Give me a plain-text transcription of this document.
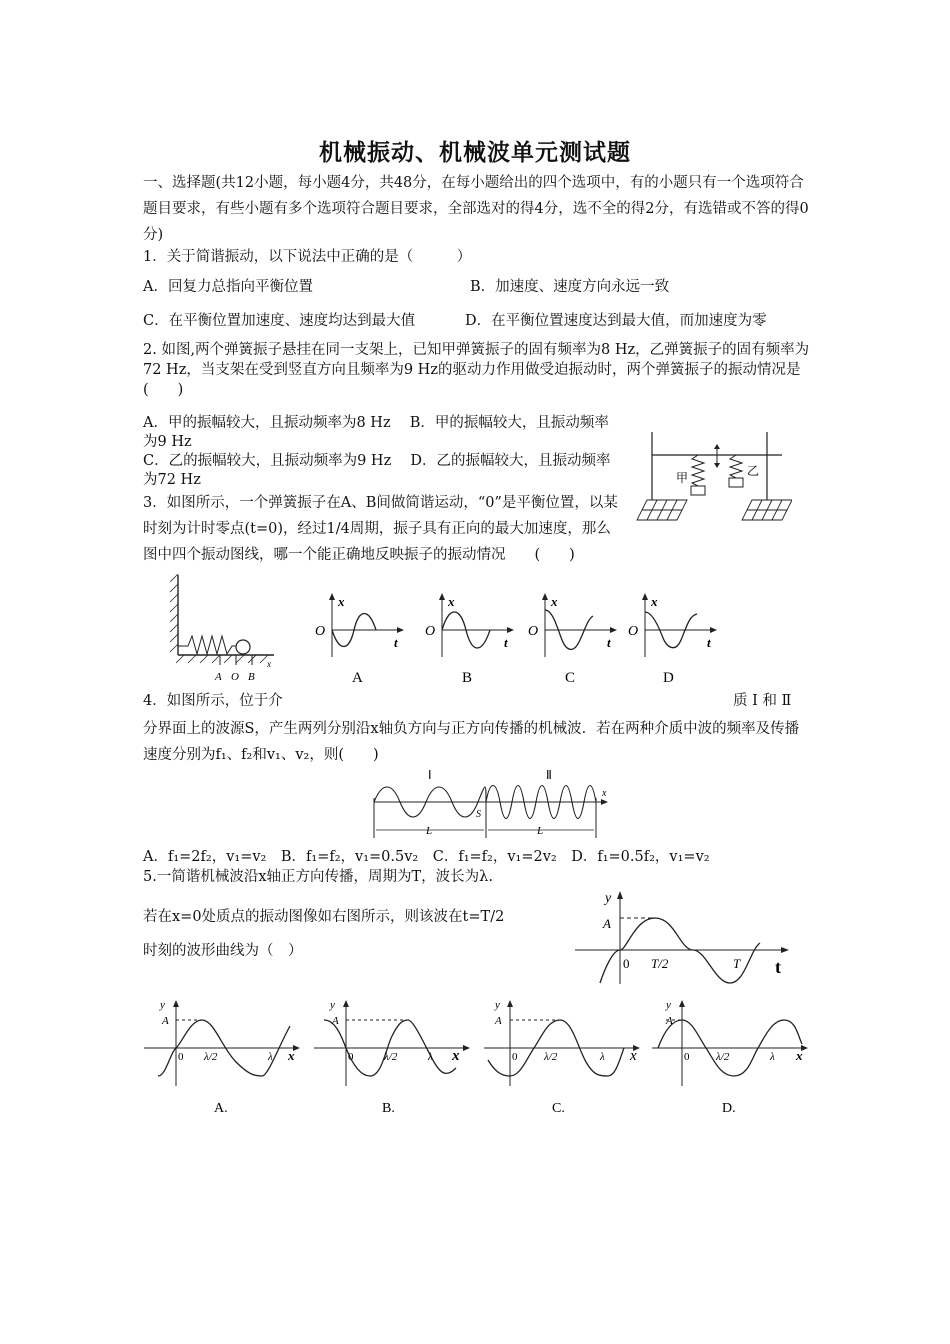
机械振动、机械波单元测试题
一、选择题(共12小题，每小题4分，共48分，在每小题给出的四个选项中，有的小题只有一个选项符合题目要求，有些小题有多个选项符合题目要求，全部选对的得4分，选不全的得2分，有选错或不答的得0分)
1．关于简谐振动，以下说法中正确的是（　　　）
A．回复力总指向平衡位置	B．加速度、速度方向永远一致
C．在平衡位置加速度、速度均达到最大值	D．在平衡位置速度达到最大值，而加速度为零
2. 如图,两个弹簧振子悬挂在同一支架上，已知甲弹簧振子的固有频率为8 Hz，乙弹簧振子的固有频率为72 Hz，当支架在受到竖直方向且频率为9 Hz的驱动力作用做受迫振动时，两个弹簧振子的振动情况是(　　)
A．甲的振幅较大，且振动频率为8 Hz　 B．甲的振幅较大，且振动频率为9 Hz
C．乙的振幅较大，且振动频率为9 Hz　 D．乙的振幅较大，且振动频率为72 Hz	甲	乙
3．如图所示，一个弹簧振子在A、B间做简谐运动，“0”是平衡位置，以某时刻为计时零点(t=0)，经过1/4周期，振子具有正向的最大加速度，那么图中四个振动图线，哪一个能正确地反映振子的振动情况　　(　　)
A O B
x
x
O
t
A
x
O
t
B
x
O
t
C
x
O
t
D
4．如图所示，位于介	质 Ⅰ 和 Ⅱ
分界面上的波源S，产生两列分别沿x轴负方向与正方向传播的机械波．若在两种介质中波的频率及传播速度分别为f₁、f₂和v₁、v₂，则(　　)
Ⅰ	Ⅱ
S
L	L
x
A．f₁=2f₂，v₁=v₂　B．f₁=f₂，v₁=0.5v₂　C．f₁=f₂，v₁=2v₂　D．f₁=0.5f₂，v₁=v₂
5.一简谐机械波沿x轴正方向传播，周期为T，波长为λ.
若在x=0处质点的振动图像如右图所示，则该波在t=T/2
时刻的波形曲线为（　）
y
A
0 T/2	T t
y
A
0 λ/2	λ x
A.
y
A
0	λ/2	λ x
B.
y
A
0 λ/2	λ x
C.
y
A
0 λ/2	λ x
D.
